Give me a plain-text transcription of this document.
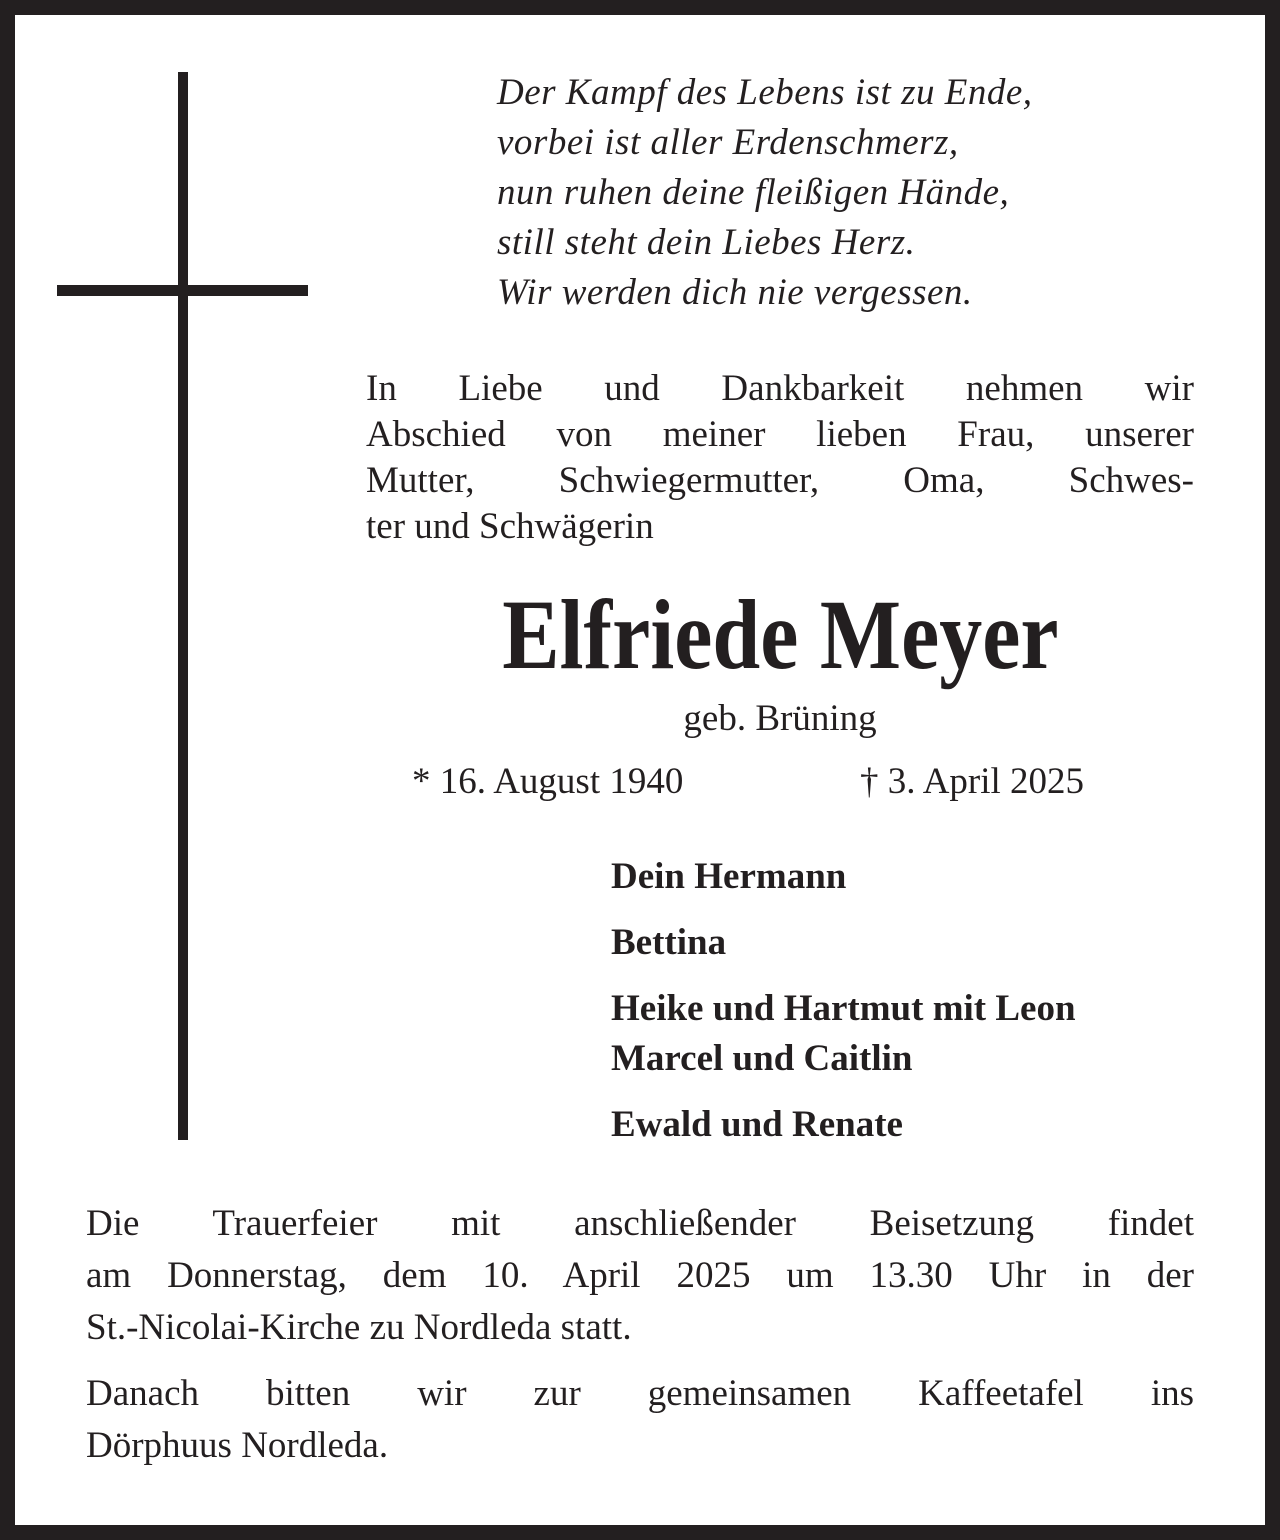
Der Kampf des Lebens ist zu Ende,
vorbei ist aller Erdenschmerz,
nun ruhen deine fleißigen Hände,
still steht dein Liebes Herz.
Wir werden dich nie vergessen.
In Liebe und Dankbarkeit nehmen wir
Abschied von meiner lieben Frau, unserer
Mutter, Schwiegermutter, Oma, Schwes-
ter und Schwägerin
Elfriede Meyer
geb. Brüning
* 16. August 1940	† 3. April 2025
Dein Hermann
Bettina
Heike und Hartmut mit Leon
Marcel und Caitlin
Ewald und Renate
Die Trauerfeier mit anschließender Beisetzung findet
am Donnerstag, dem 10. April 2025 um 13.30 Uhr in der
St.-Nicolai-Kirche zu Nordleda statt.
Danach bitten wir zur gemeinsamen Kaffeetafel ins
Dörphuus Nordleda.
